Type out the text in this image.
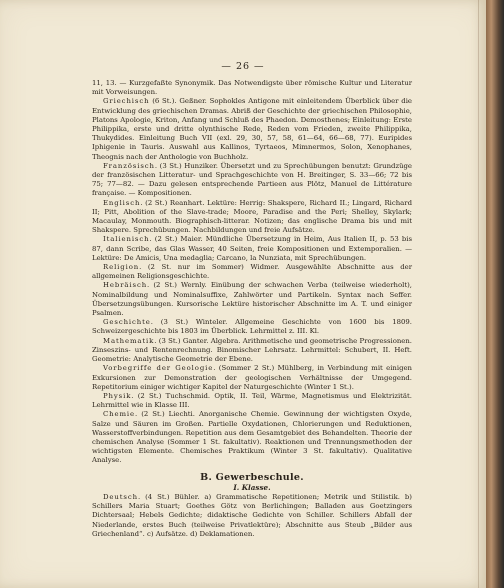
— 26 —

11, 13. — Kurzgefaßte Synonymik. Das Notwendigste über römische Kultur und Literatur mit Vorweisungen.

Griechisch (6 St.). Geßner. Sophokles Antigone mit einleitendem Überblick über die Entwicklung des griechischen Dramas. Abriß der Geschichte der griechischen Philosophie, Platons Apologie, Kriton, Anfang und Schluß des Phaedon. Demosthenes; Einleitung: Erste Philippika, erste und dritte olynthische Rede, Reden vom Frieden, zweite Philippika, Thukydides. Einleitung Buch VII (exl. 29, 30, 57, 58, 61—64, 66—68, 77). Euripides Iphigenie in Tauris. Auswahl aus Kallinos, Tyrtaeos, Mimnermos, Solon, Xenophanes, Theognis nach der Anthologie von Buchholz.

Französisch. (3 St.) Hunziker. Übersetzt und zu Sprechübungen benutzt: Grundzüge der französischen Litteratur- und Sprachgeschichte von H. Breitinger, S. 33—66; 72 bis 75; 77—82. — Dazu gelesen entsprechende Partieen aus Plötz, Manuel de Littérature française. — Kompositionen.

Englisch. (2 St.) Reanhart. Lektüre: Herrig: Shakspere, Richard II.; Lingard, Richard II; Pitt, Abolition of the Slave-trade; Moore, Paradise and the Peri; Shelley, Skylark; Macaulay, Monmouth. Biographisch-litterar. Notizen; das englische Drama bis und mit Shakspere. Sprechübungen. Nachbildungen und freie Aufsätze.

Italienisch. (2 St.) Maier. Mündliche Übersetzung in Heim, Aus Italien II, p. 53 bis 87, dann Scribe, das Glas Wasser, 40 Seiten, freie Kompositionen und Extemporalien. — Lektüre: De Amicis, Una medaglia; Carcano, la Nunziata, mit Sprechübungen.

Religion. (2 St. nur im Sommer) Widmer. Ausgewählte Abschnitte aus der allgemeinen Religionsgeschichte.

Hebräisch. (2 St.) Wernly. Einübung der schwachen Verba (teilweise wiederholt), Nominalbildung und Nominalsuffixe, Zahlwörter und Partikeln. Syntax nach Seffer. Übersetzungsübungen. Kursorische Lektüre historischer Abschnitte im A. T. und einiger Psalmen.

Geschichte. (3 St.) Winteler. Allgemeine Geschichte von 1600 bis 1809. Schweizergeschichte bis 1803 im Überblick. Lehrmittel z. III. Kl.

Mathematik. (3 St.) Ganter. Algebra. Arithmetische und geometrische Progressionen. Zinseszins- und Rentenrechnung. Binomischer Lehrsatz. Lehrmittel: Schubert, II. Heft. Geometrie: Analytische Geometrie der Ebene.

Vorbegriffe der Geologie. (Sommer 2 St.) Mühlberg, in Verbindung mit einigen Exkursionen zur Demonstration der geologischen Verhältnisse der Umgegend. Repetitorium einiger wichtiger Kapitel der Naturgeschichte (Winter 1 St.).

Physik. (2 St.) Tuchschmid. Optik, II. Teil, Wärme, Magnetismus und Elektrizität. Lehrmittel wie in Klasse III.

Chemie. (2 St.) Liechti. Anorganische Chemie. Gewinnung der wichtigsten Oxyde, Salze und Säuren im Großen. Partielle Oxydationen, Chlorierungen und Reduktionen, Wasserstoffverbindungen. Repetition aus dem Gesamtgebiet des Behandelten. Theorie der chemischen Analyse (Sommer 1 St. fakultativ). Reaktionen und Trennungsmethoden der wichtigsten Elemente. Chemisches Praktikum (Winter 3 St. fakultativ). Qualitative Analyse.

B. Gewerbeschule.
I. Klasse.

Deutsch. (4 St.) Bühler. a) Grammatische Repetitionen; Metrik und Stilistik. b) Schillers Maria Stuart; Goethes Götz von Berlichingen; Balladen aus Goetzingers Dichtersaal; Hebels Gedichte; didaktische Gedichte von Schiller. Schillers Abfall der Niederlande, erstes Buch (teilweise Privatlektüre); Abschnitte aus Steub „Bilder aus Griechenland“. c) Aufsätze. d) Deklamationen.
